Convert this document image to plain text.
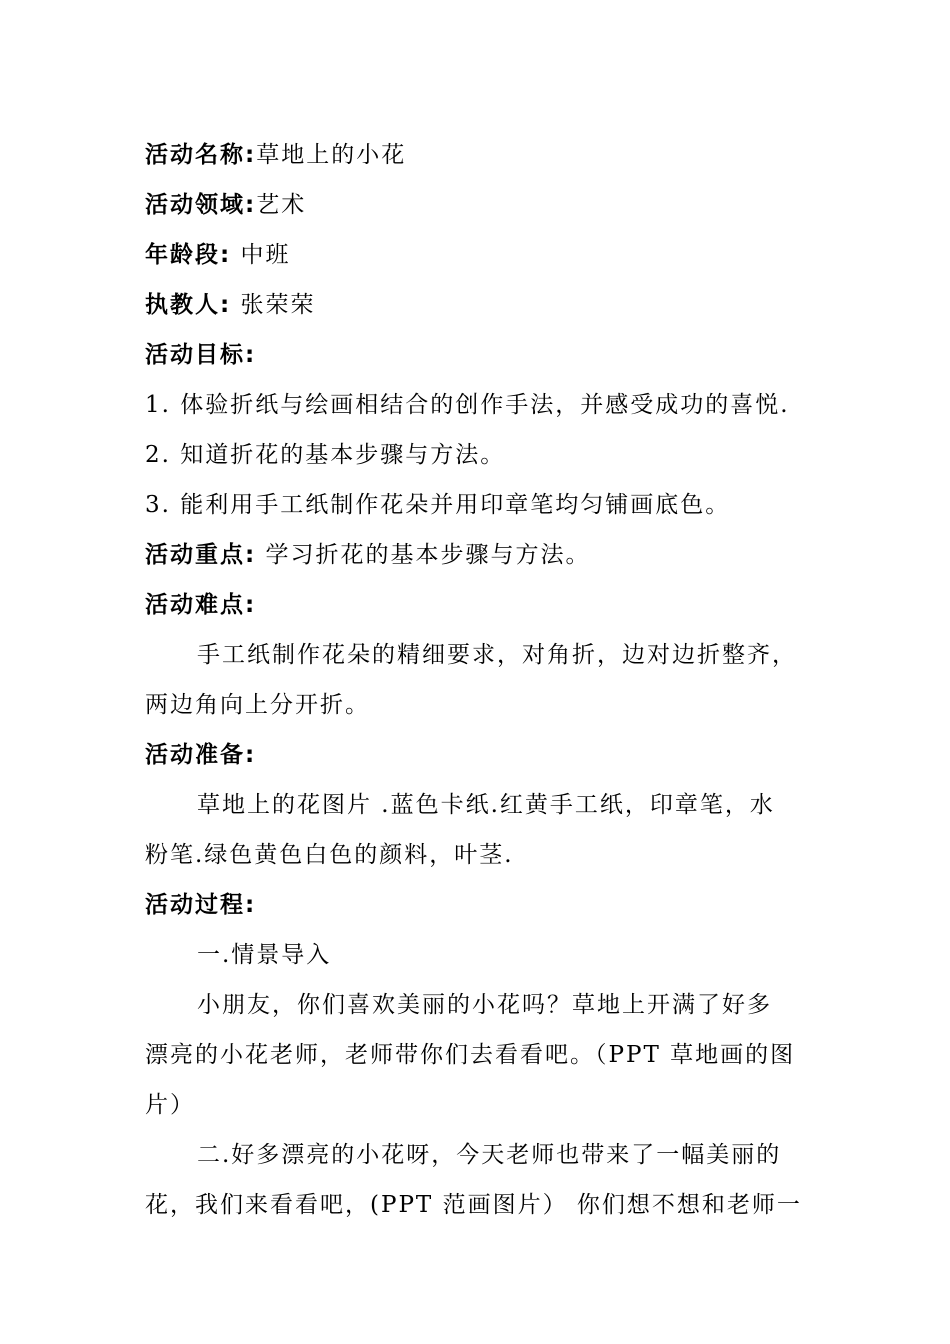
活动名称:草地上的小花
活动领域:艺术
年龄段: 中班
执教人: 张荣荣
活动目标:
1. 体验折纸与绘画相结合的创作手法，并感受成功的喜悦.
2. 知道折花的基本步骤与方法。
3. 能利用手工纸制作花朵并用印章笔均匀铺画底色。
活动重点: 学习折花的基本步骤与方法。
活动难点:
手工纸制作花朵的精细要求，对角折，边对边折整齐，
两边角向上分开折。
活动准备:
草地上的花图片 .蓝色卡纸.红黄手工纸，印章笔，水
粉笔.绿色黄色白色的颜料，叶茎.
活动过程:
一.情景导入
小朋友，你们喜欢美丽的小花吗？草地上开满了好多
漂亮的小花老师，老师带你们去看看吧。（PPT 草地画的图
片）
二.好多漂亮的小花呀，今天老师也带来了一幅美丽的
花，我们来看看吧，(PPT 范画图片） 你们想不想和老师一
